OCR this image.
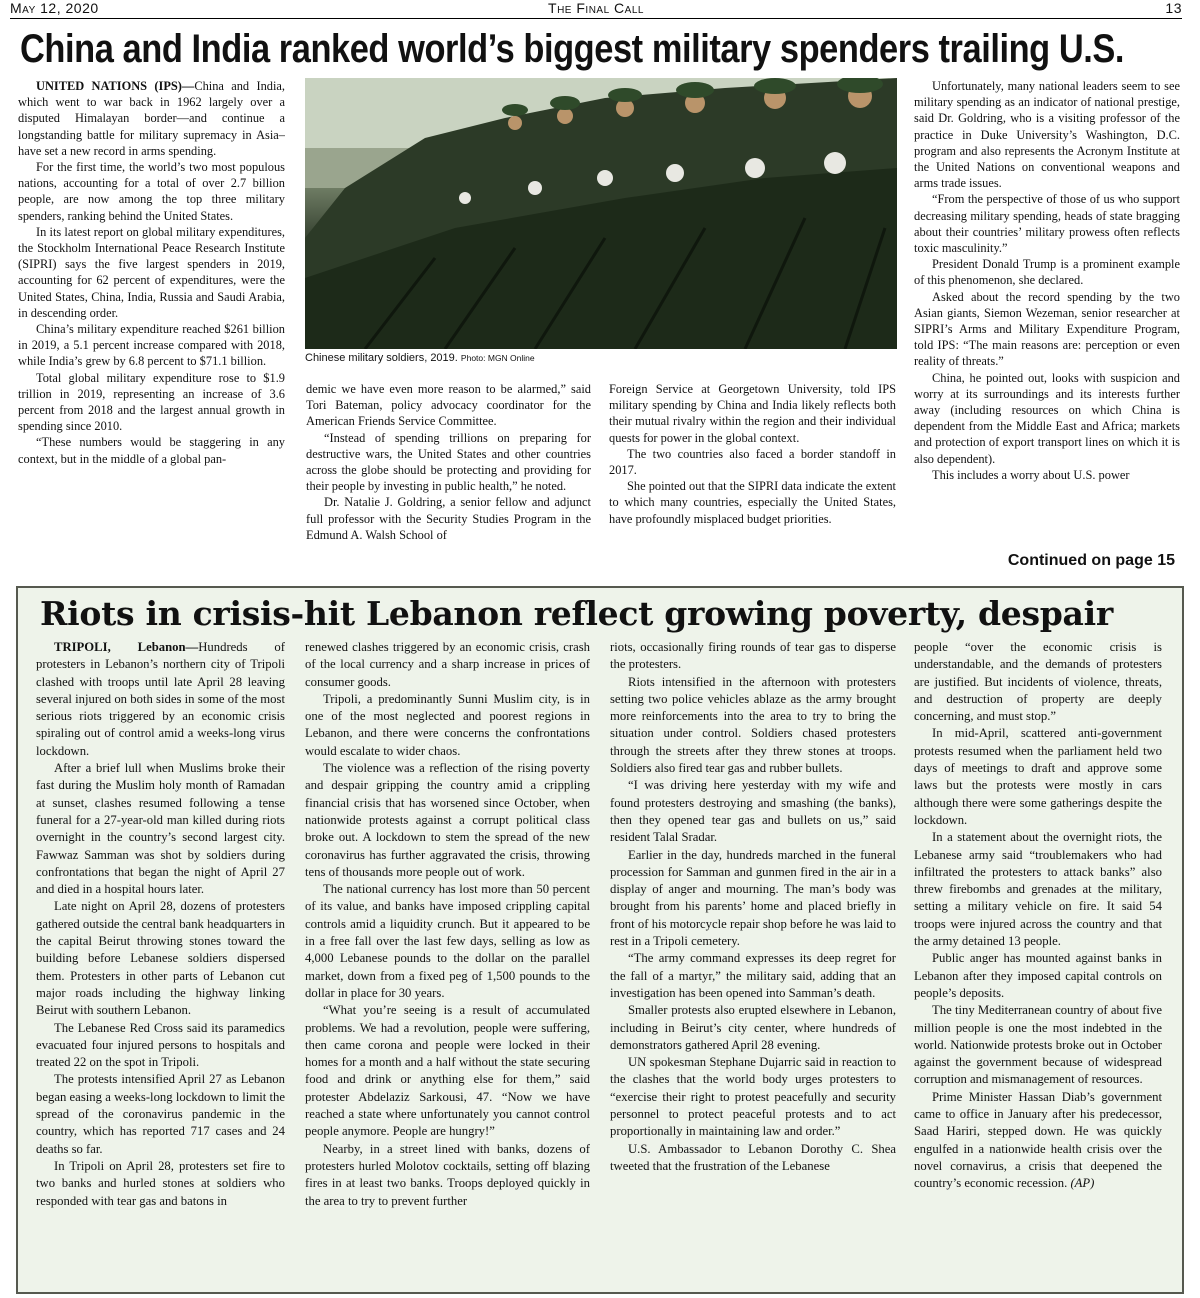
May 12, 2020	The Final Call	13
China and India ranked world’s biggest military spenders trailing U.S.

UNITED NATIONS (IPS)—China and India, which went to war back in 1962 largely over a disputed Himalayan border—and continue a longstanding battle for military supremacy in Asia–have set a new record in arms spending.

For the first time, the world’s two most populous nations, accounting for a total of over 2.7 billion people, are now among the top three military spenders, ranking behind the United States.

In its latest report on global military expenditures, the Stockholm International Peace Research Institute (SIPRI) says the five largest spenders in 2019, accounting for 62 percent of expenditures, were the United States, China, India, Russia and Saudi Arabia, in descending order.

China’s military expenditure reached $261 billion in 2019, a 5.1 percent increase compared with 2018, while India’s grew by 6.8 percent to $71.1 billion.

Total global military expenditure rose to $1.9 trillion in 2019, representing an increase of 3.6 percent from 2018 and the largest annual growth in spending since 2010.

“These numbers would be staggering in any context, but in the middle of a global pan-

Chinese military soldiers, 2019. Photo: MGN Online

demic we have even more reason to be alarmed,” said Tori Bateman, policy advocacy coordinator for the American Friends Service Committee.

“Instead of spending trillions on preparing for destructive wars, the United States and other countries across the globe should be protecting and providing for their people by investing in public health,” he noted.

Dr. Natalie J. Goldring, a senior fellow and adjunct full professor with the Security Studies Program in the Edmund A. Walsh School of

Foreign Service at Georgetown University, told IPS military spending by China and India likely reflects both their mutual rivalry within the region and their individual quests for power in the global context.

The two countries also faced a border standoff in 2017.

She pointed out that the SIPRI data indicate the extent to which many countries, especially the United States, have profoundly misplaced budget priorities.

Unfortunately, many national leaders seem to see military spending as an indicator of national prestige, said Dr. Goldring, who is a visiting professor of the practice in Duke University’s Washington, D.C. program and also represents the Acronym Institute at the United Nations on conventional weapons and arms trade issues.

“From the perspective of those of us who support decreasing military spending, heads of state bragging about their countries’ military prowess often reflects toxic masculinity.”

President Donald Trump is a prominent example of this phenomenon, she declared.

Asked about the record spending by the two Asian giants, Siemon Wezeman, senior researcher at SIPRI’s Arms and Military Expenditure Program, told IPS: “The main reasons are: perception or even reality of threats.”

China, he pointed out, looks with suspicion and worry at its surroundings and its interests further away (including resources on which China is dependent from the Middle East and Africa; markets and protection of export transport lines on which it is also dependent).

This includes a worry about U.S. power

Continued on page 15
Riots in crisis-hit Lebanon reflect growing poverty, despair

TRIPOLI, Lebanon—Hundreds of protesters in Lebanon’s northern city of Tripoli clashed with troops until late April 28 leaving several injured on both sides in some of the most serious riots triggered by an economic crisis spiraling out of control amid a weeks-long virus lockdown.

After a brief lull when Muslims broke their fast during the Muslim holy month of Ramadan at sunset, clashes resumed following a tense funeral for a 27-year-old man killed during riots overnight in the country’s second largest city. Fawwaz Samman was shot by soldiers during confrontations that began the night of April 27 and died in a hospital hours later.

Late night on April 28, dozens of protesters gathered outside the central bank headquarters in the capital Beirut throwing stones toward the building before Lebanese soldiers dispersed them. Protesters in other parts of Lebanon cut major roads including the highway linking Beirut with southern Lebanon.

The Lebanese Red Cross said its paramedics evacuated four injured persons to hospitals and treated 22 on the spot in Tripoli.

The protests intensified April 27 as Lebanon began easing a weeks-long lockdown to limit the spread of the coronavirus pandemic in the country, which has reported 717 cases and 24 deaths so far.

In Tripoli on April 28, protesters set fire to two banks and hurled stones at soldiers who responded with tear gas and batons in

renewed clashes triggered by an economic crisis, crash of the local currency and a sharp increase in prices of consumer goods.

Tripoli, a predominantly Sunni Muslim city, is in one of the most neglected and poorest regions in Lebanon, and there were concerns the confrontations would escalate to wider chaos.

The violence was a reflection of the rising poverty and despair gripping the country amid a crippling financial crisis that has worsened since October, when nationwide protests against a corrupt political class broke out. A lockdown to stem the spread of the new coronavirus has further aggravated the crisis, throwing tens of thousands more people out of work.

The national currency has lost more than 50 percent of its value, and banks have imposed crippling capital controls amid a liquidity crunch. But it appeared to be in a free fall over the last few days, selling as low as 4,000 Lebanese pounds to the dollar on the parallel market, down from a fixed peg of 1,500 pounds to the dollar in place for 30 years.

“What you’re seeing is a result of accumulated problems. We had a revolution, people were suffering, then came corona and people were locked in their homes for a month and a half without the state securing food and drink or anything else for them,” said protester Abdelaziz Sarkousi, 47. “Now we have reached a state where unfortunately you cannot control people anymore. People are hungry!”

Nearby, in a street lined with banks, dozens of protesters hurled Molotov cocktails, setting off blazing fires in at least two banks. Troops deployed quickly in the area to try to prevent further

riots, occasionally firing rounds of tear gas to disperse the protesters.

Riots intensified in the afternoon with protesters setting two police vehicles ablaze as the army brought more reinforcements into the area to try to bring the situation under control. Soldiers chased protesters through the streets after they threw stones at troops. Soldiers also fired tear gas and rubber bullets.

“I was driving here yesterday with my wife and found protesters destroying and smashing (the banks), then they opened tear gas and bullets on us,” said resident Talal Sradar.

Earlier in the day, hundreds marched in the funeral procession for Samman and gunmen fired in the air in a display of anger and mourning. The man’s body was brought from his parents’ home and placed briefly in front of his motorcycle repair shop before he was laid to rest in a Tripoli cemetery.

“The army command expresses its deep regret for the fall of a martyr,” the military said, adding that an investigation has been opened into Samman’s death.

Smaller protests also erupted elsewhere in Lebanon, including in Beirut’s city center, where hundreds of demonstrators gathered April 28 evening.

UN spokesman Stephane Dujarric said in reaction to the clashes that the world body urges protesters to “exercise their right to protest peacefully and security personnel to protect peaceful protests and to act proportionally in maintaining law and order.”

U.S. Ambassador to Lebanon Dorothy C. Shea tweeted that the frustration of the Lebanese

people “over the economic crisis is understandable, and the demands of protesters are justified. But incidents of violence, threats, and destruction of property are deeply concerning, and must stop.”

In mid-April, scattered anti-government protests resumed when the parliament held two days of meetings to draft and approve some laws but the protests were mostly in cars although there were some gatherings despite the lockdown.

In a statement about the overnight riots, the Lebanese army said “troublemakers who had infiltrated the protesters to attack banks” also threw firebombs and grenades at the military, setting a military vehicle on fire. It said 54 troops were injured across the country and that the army detained 13 people.

Public anger has mounted against banks in Lebanon after they imposed capital controls on people’s deposits.

The tiny Mediterranean country of about five million people is one the most indebted in the world. Nationwide protests broke out in October against the government because of widespread corruption and mismanagement of resources.

Prime Minister Hassan Diab’s government came to office in January after his predecessor, Saad Hariri, stepped down. He was quickly engulfed in a nationwide health crisis over the novel cornavirus, a crisis that deepened the country’s economic recession. (AP)
